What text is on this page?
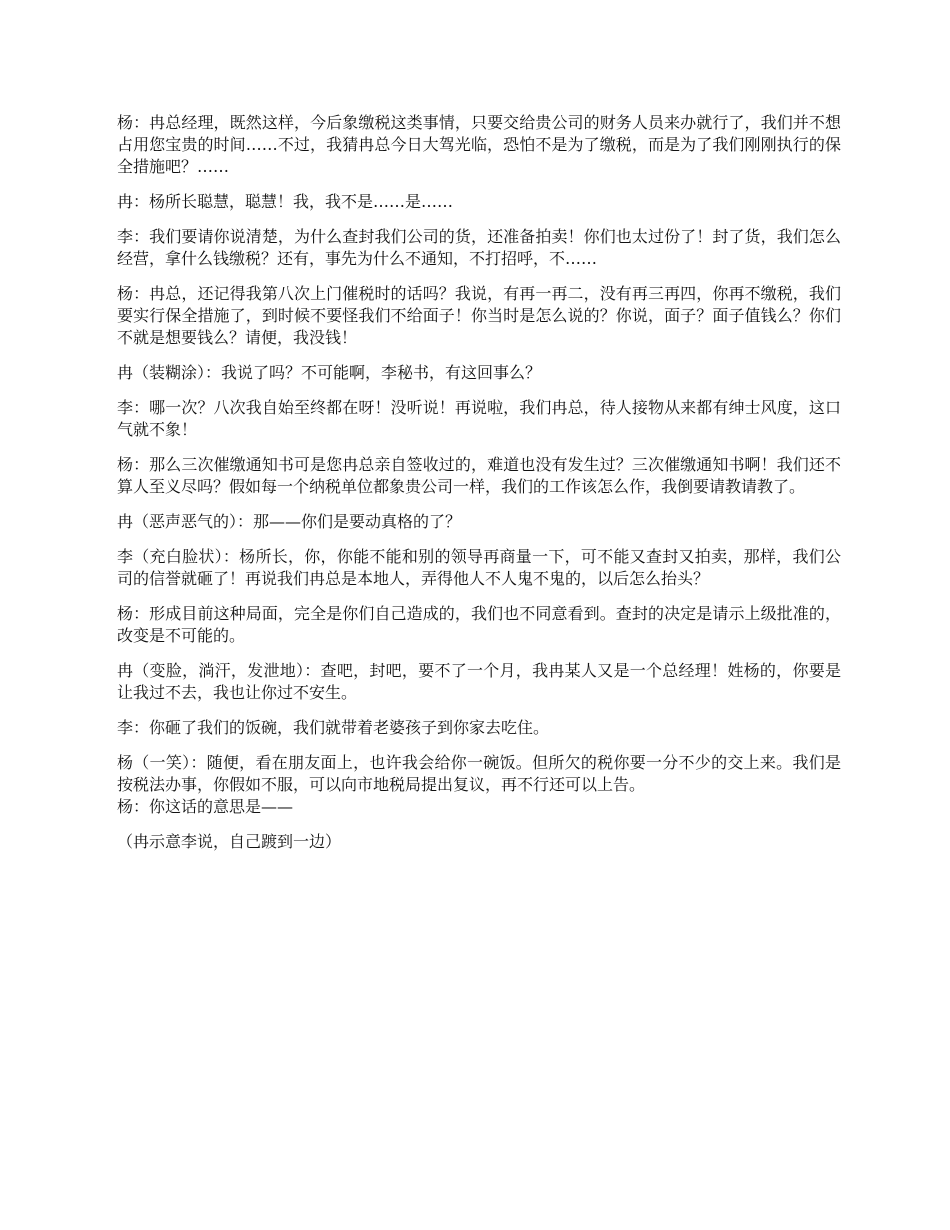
杨：冉总经理，既然这样，今后象缴税这类事情，只要交给贵公司的财务人员来办就行了，我们并不想占用您宝贵的时间……不过，我猜冉总今日大驾光临，恐怕不是为了缴税，而是为了我们刚刚执行的保全措施吧？……

冉：杨所长聪慧，聪慧！我，我不是……是……

李：我们要请你说清楚，为什么查封我们公司的货，还准备拍卖！你们也太过份了！封了货，我们怎么经营，拿什么钱缴税？还有，事先为什么不通知，不打招呼，不……

杨：冉总，还记得我第八次上门催税时的话吗？我说，有再一再二，没有再三再四，你再不缴税，我们要实行保全措施了，到时候不要怪我们不给面子！你当时是怎么说的？你说，面子？面子值钱么？你们不就是想要钱么？请便，我没钱！

冉（装糊涂）：我说了吗？不可能啊，李秘书，有这回事么？

李：哪一次？八次我自始至终都在呀！没听说！再说啦，我们冉总，待人接物从来都有绅士风度，这口气就不象！

杨：那么三次催缴通知书可是您冉总亲自签收过的，难道也没有发生过？三次催缴通知书啊！我们还不算人至义尽吗？假如每一个纳税单位都象贵公司一样，我们的工作该怎么作，我倒要请教请教了。

冉（恶声恶气的）：那——你们是要动真格的了？

李（充白脸状）：杨所长，你，你能不能和别的领导再商量一下，可不能又查封又拍卖，那样，我们公司的信誉就砸了！再说我们冉总是本地人，弄得他人不人鬼不鬼的，以后怎么抬头？

杨：形成目前这种局面，完全是你们自己造成的，我们也不同意看到。查封的决定是请示上级批准的，改变是不可能的。

冉（变脸，淌汗，发泄地）：查吧，封吧，要不了一个月，我冉某人又是一个总经理！姓杨的，你要是让我过不去，我也让你过不安生。

李：你砸了我们的饭碗，我们就带着老婆孩子到你家去吃住。

杨（一笑）：随便，看在朋友面上，也许我会给你一碗饭。但所欠的税你要一分不少的交上来。我们是按税法办事，你假如不服，可以向市地税局提出复议，再不行还可以上告。
杨：你这话的意思是——

（冉示意李说，自己踱到一边）
